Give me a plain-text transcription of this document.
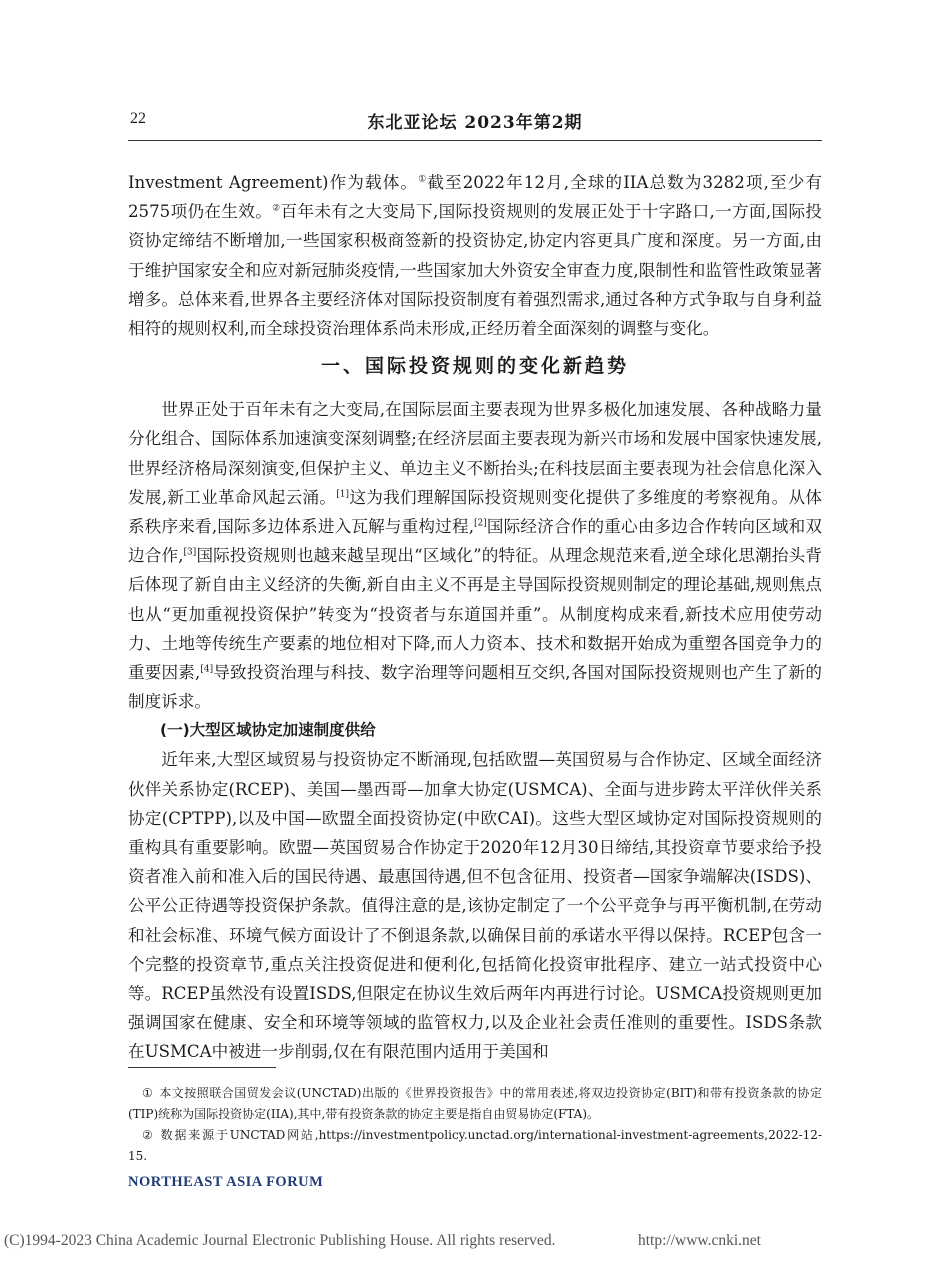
22	东北亚论坛 2023年第2期

Investment Agreement)作为载体。①截至2022年12月,全球的IIA总数为3282项,至少有2575项仍在生效。②百年未有之大变局下,国际投资规则的发展正处于十字路口,一方面,国际投资协定缔结不断增加,一些国家积极商签新的投资协定,协定内容更具广度和深度。另一方面,由于维护国家安全和应对新冠肺炎疫情,一些国家加大外资安全审查力度,限制性和监管性政策显著增多。总体来看,世界各主要经济体对国际投资制度有着强烈需求,通过各种方式争取与自身利益相符的规则权利,而全球投资治理体系尚未形成,正经历着全面深刻的调整与变化。

一、国际投资规则的变化新趋势

世界正处于百年未有之大变局,在国际层面主要表现为世界多极化加速发展、各种战略力量分化组合、国际体系加速演变深刻调整;在经济层面主要表现为新兴市场和发展中国家快速发展,世界经济格局深刻演变,但保护主义、单边主义不断抬头;在科技层面主要表现为社会信息化深入发展,新工业革命风起云涌。[1]这为我们理解国际投资规则变化提供了多维度的考察视角。从体系秩序来看,国际多边体系进入瓦解与重构过程,[2]国际经济合作的重心由多边合作转向区域和双边合作,[3]国际投资规则也越来越呈现出“区域化”的特征。从理念规范来看,逆全球化思潮抬头背后体现了新自由主义经济的失衡,新自由主义不再是主导国际投资规则制定的理论基础,规则焦点也从“更加重视投资保护”转变为“投资者与东道国并重”。从制度构成来看,新技术应用使劳动力、土地等传统生产要素的地位相对下降,而人力资本、技术和数据开始成为重塑各国竞争力的重要因素,[4]导致投资治理与科技、数字治理等问题相互交织,各国对国际投资规则也产生了新的制度诉求。

(一)大型区域协定加速制度供给

近年来,大型区域贸易与投资协定不断涌现,包括欧盟—英国贸易与合作协定、区域全面经济伙伴关系协定(RCEP)、美国—墨西哥—加拿大协定(USMCA)、全面与进步跨太平洋伙伴关系协定(CPTPP),以及中国—欧盟全面投资协定(中欧CAI)。这些大型区域协定对国际投资规则的重构具有重要影响。欧盟—英国贸易合作协定于2020年12月30日缔结,其投资章节要求给予投资者准入前和准入后的国民待遇、最惠国待遇,但不包含征用、投资者—国家争端解决(ISDS)、公平公正待遇等投资保护条款。值得注意的是,该协定制定了一个公平竞争与再平衡机制,在劳动和社会标准、环境气候方面设计了不倒退条款,以确保目前的承诺水平得以保持。RCEP包含一个完整的投资章节,重点关注投资促进和便利化,包括简化投资审批程序、建立一站式投资中心等。RCEP虽然没有设置ISDS,但限定在协议生效后两年内再进行讨论。USMCA投资规则更加强调国家在健康、安全和环境等领域的监管权力,以及企业社会责任准则的重要性。ISDS条款在USMCA中被进一步削弱,仅在有限范围内适用于美国和

① 本文按照联合国贸发会议(UNCTAD)出版的《世界投资报告》中的常用表述,将双边投资协定(BIT)和带有投资条款的协定(TIP)统称为国际投资协定(IIA),其中,带有投资条款的协定主要是指自由贸易协定(FTA)。
② 数据来源于UNCTAD网站,https://investmentpolicy.unctad.org/international-investment-agreements,2022-12-15.
NORTHEAST ASIA FORUM
(C)1994-2023 China Academic Journal Electronic Publishing House. All rights reserved.	http://www.cnki.net
